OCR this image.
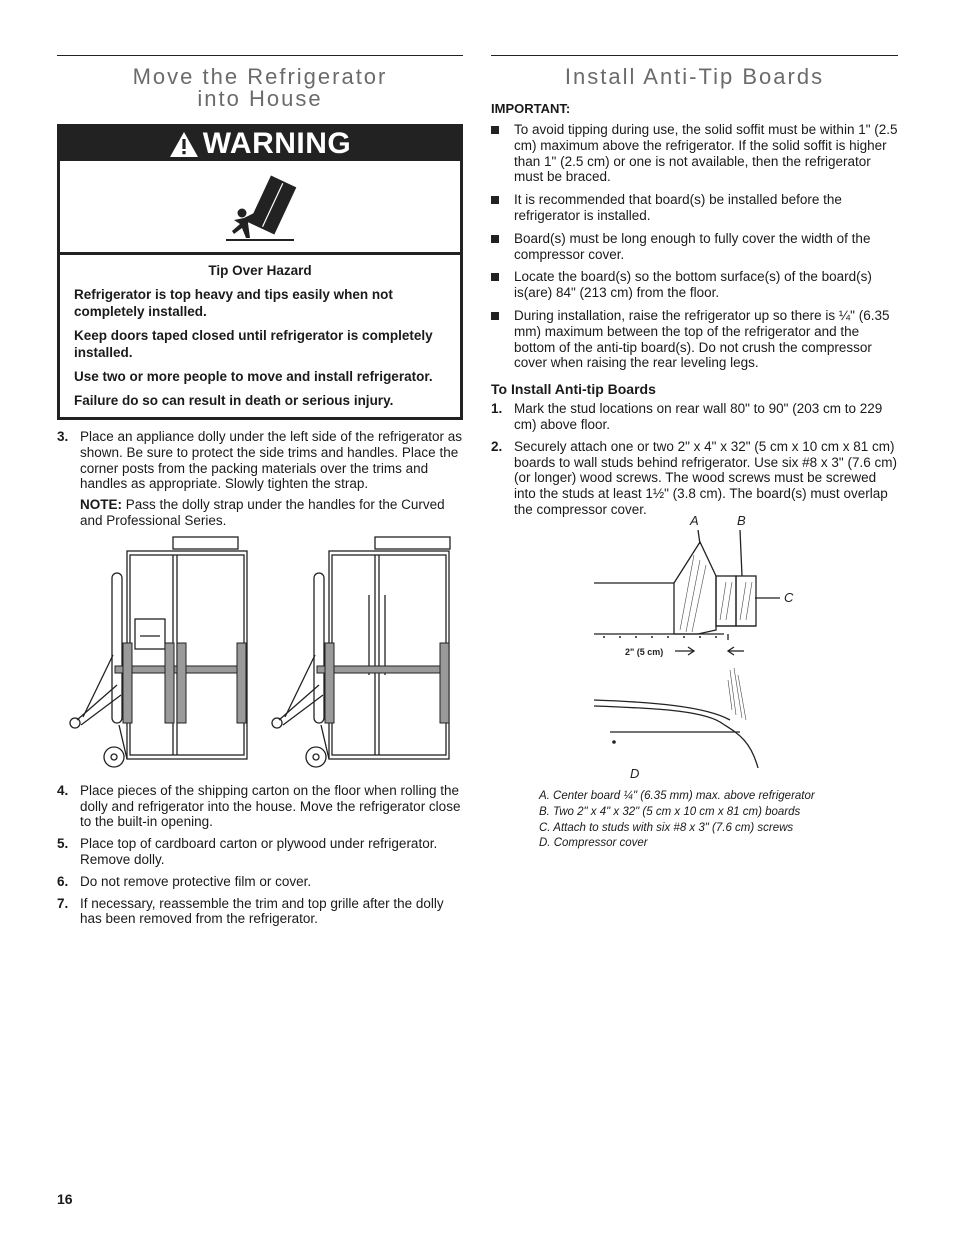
Move the Refrigerator
into House
WARNING

Tip Over Hazard

Refrigerator is top heavy and tips easily when not completely installed.

Keep doors taped closed until refrigerator is completely installed.

Use two or more people to move and install refrigerator.

Failure do so can result in death or serious injury.

3. Place an appliance dolly under the left side of the refrigerator as shown. Be sure to protect the side trims and handles. Place the corner posts from the packing materials over the trims and handles as appropriate. Slowly tighten the strap.
NOTE: Pass the dolly strap under the handles for the Curved and Professional Series.
4. Place pieces of the shipping carton on the floor when rolling the dolly and refrigerator into the house. Move the refrigerator close to the built-in opening.
5. Place top of cardboard carton or plywood under refrigerator. Remove dolly.
6. Do not remove protective film or cover.
7. If necessary, reassemble the trim and top grille after the dolly has been removed from the refrigerator.
Install Anti-Tip Boards
IMPORTANT:
To avoid tipping during use, the solid soffit must be within 1" (2.5 cm) maximum above the refrigerator. If the solid soffit is higher than 1" (2.5 cm) or one is not available, then the refrigerator must be braced.
It is recommended that board(s) be installed before the refrigerator is installed.
Board(s) must be long enough to fully cover the width of the compressor cover.
Locate the board(s) so the bottom surface(s) of the board(s) is(are) 84" (213 cm) from the floor.
During installation, raise the refrigerator up so there is ¼" (6.35 mm) maximum between the top of the refrigerator and the bottom of the anti-tip board(s). Do not crush the compressor cover when raising the rear leveling legs.
To Install Anti-tip Boards
1. Mark the stud locations on rear wall 80" to 90" (203 cm to 229 cm) above floor.
2. Securely attach one or two 2" x 4" x 32" (5 cm x 10 cm x 81 cm) boards to wall studs behind refrigerator. Use six #8 x 3" (7.6 cm) (or longer) wood screws. The wood screws must be screwed into the studs at least 1½" (3.8 cm). The board(s) must overlap the compressor cover.
A	B
C
D
2" (5 cm)
A. Center board ¼" (6.35 mm) max. above refrigerator
B. Two 2" x 4" x 32" (5 cm x 10 cm x 81 cm) boards
C. Attach to studs with six #8 x 3" (7.6 cm) screws
D. Compressor cover
16
